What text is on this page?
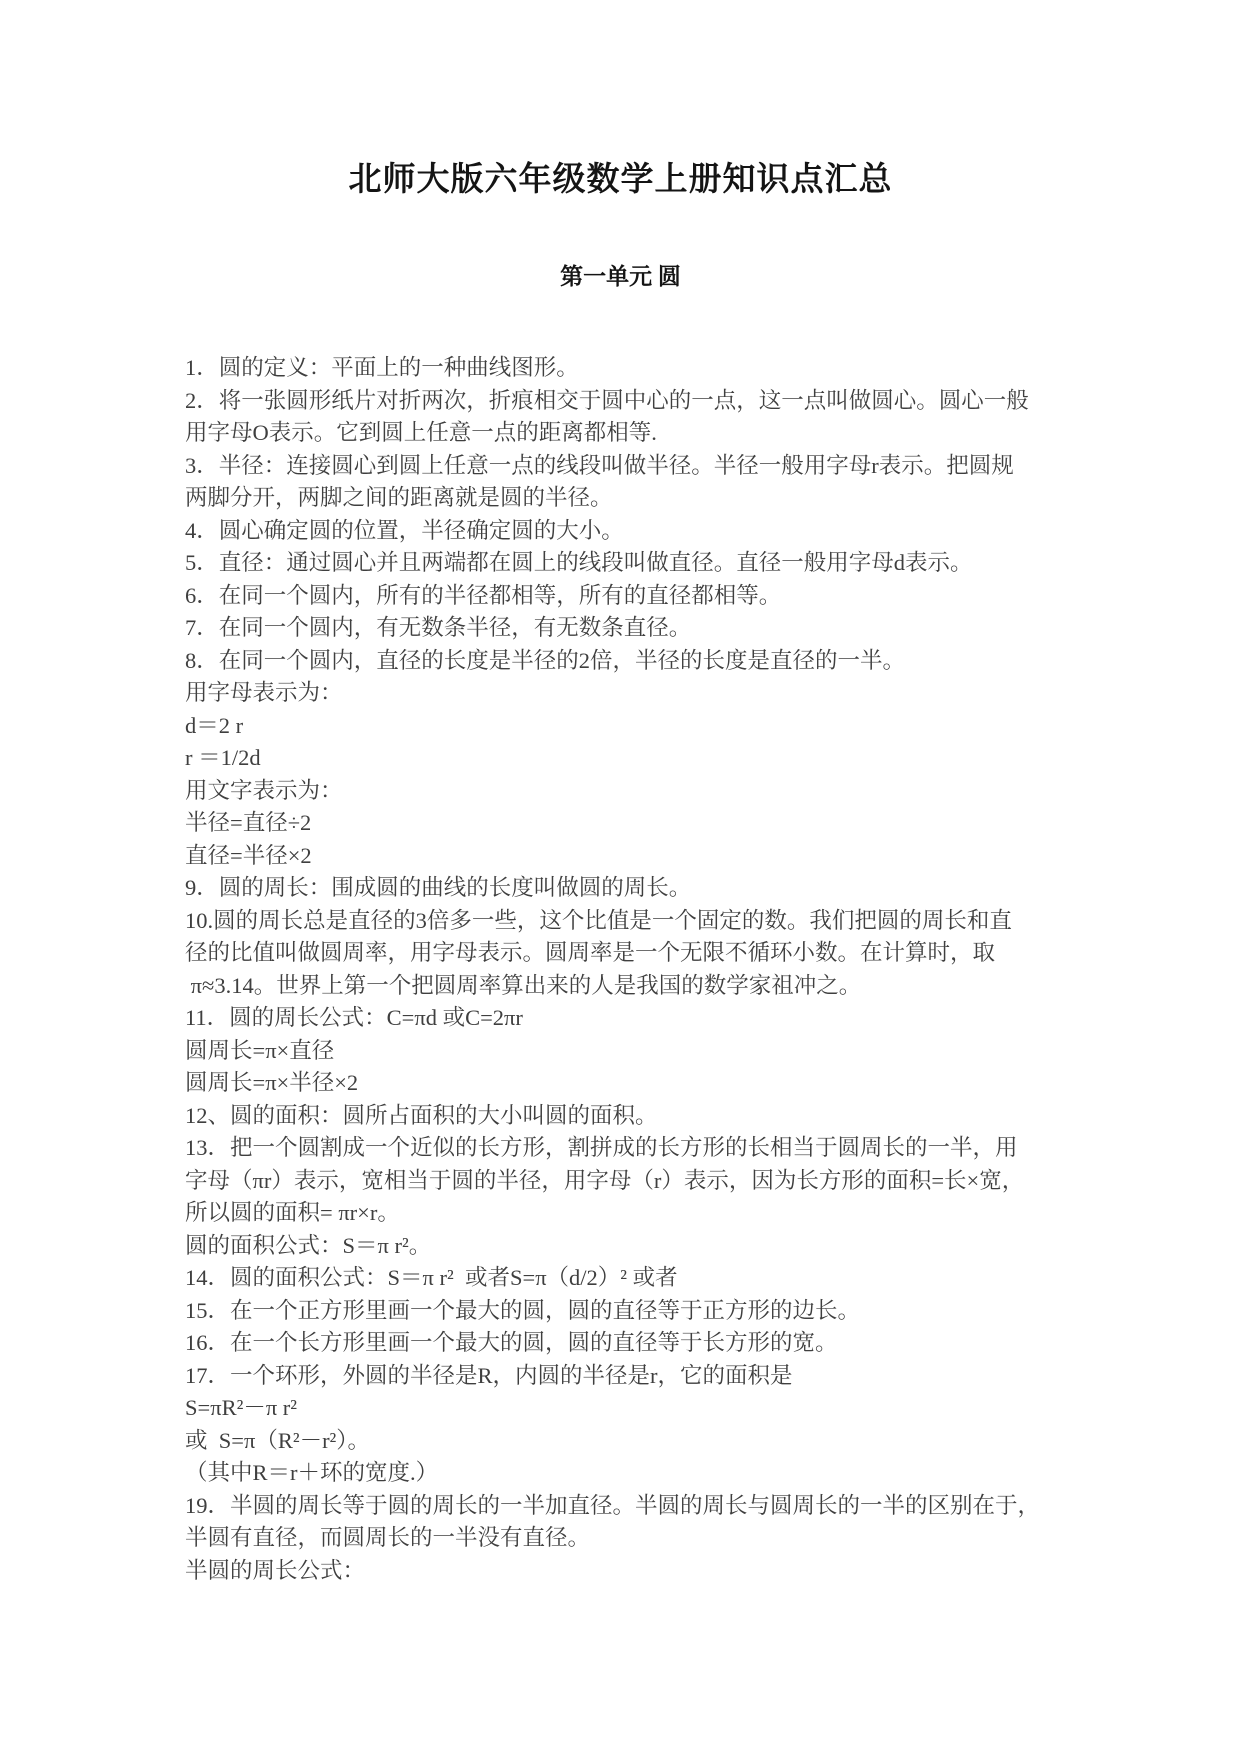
北师大版六年级数学上册知识点汇总
第一单元 圆

1．圆的定义：平面上的一种曲线图形。

2．将一张圆形纸片对折两次，折痕相交于圆中心的一点，这一点叫做圆心。圆心一般

用字母O表示。它到圆上任意一点的距离都相等.

3．半径：连接圆心到圆上任意一点的线段叫做半径。半径一般用字母r表示。把圆规

两脚分开，两脚之间的距离就是圆的半径。

4．圆心确定圆的位置，半径确定圆的大小。

5．直径：通过圆心并且两端都在圆上的线段叫做直径。直径一般用字母d表示。

6．在同一个圆内，所有的半径都相等，所有的直径都相等。

7．在同一个圆内，有无数条半径，有无数条直径。

8．在同一个圆内，直径的长度是半径的2倍，半径的长度是直径的一半。

用字母表示为：

d＝2 r

r ＝1/2d

用文字表示为：

半径=直径÷2

直径=半径×2

9．圆的周长：围成圆的曲线的长度叫做圆的周长。

10.圆的周长总是直径的3倍多一些，这个比值是一个固定的数。我们把圆的周长和直

径的比值叫做圆周率，用字母表示。圆周率是一个无限不循环小数。在计算时，取

π≈3.14。世界上第一个把圆周率算出来的人是我国的数学家祖冲之。

11．圆的周长公式：C=πd 或C=2πr

圆周长=π×直径

圆周长=π×半径×2

12、圆的面积：圆所占面积的大小叫圆的面积。

13．把一个圆割成一个近似的长方形，割拼成的长方形的长相当于圆周长的一半，用

字母（πr）表示，宽相当于圆的半径，用字母（r）表示，因为长方形的面积=长×宽，

所以圆的面积= πr×r。

圆的面积公式：S＝π r²。

14．圆的面积公式：S＝π r²  或者S=π（d/2）² 或者

15．在一个正方形里画一个最大的圆，圆的直径等于正方形的边长。

16．在一个长方形里画一个最大的圆，圆的直径等于长方形的宽。

17．一个环形，外圆的半径是R，内圆的半径是r，它的面积是

S=πR²－π r²

或  S=π（R²－r²）。

（其中R＝r＋环的宽度.）

19．半圆的周长等于圆的周长的一半加直径。半圆的周长与圆周长的一半的区别在于，

半圆有直径，而圆周长的一半没有直径。

半圆的周长公式：
